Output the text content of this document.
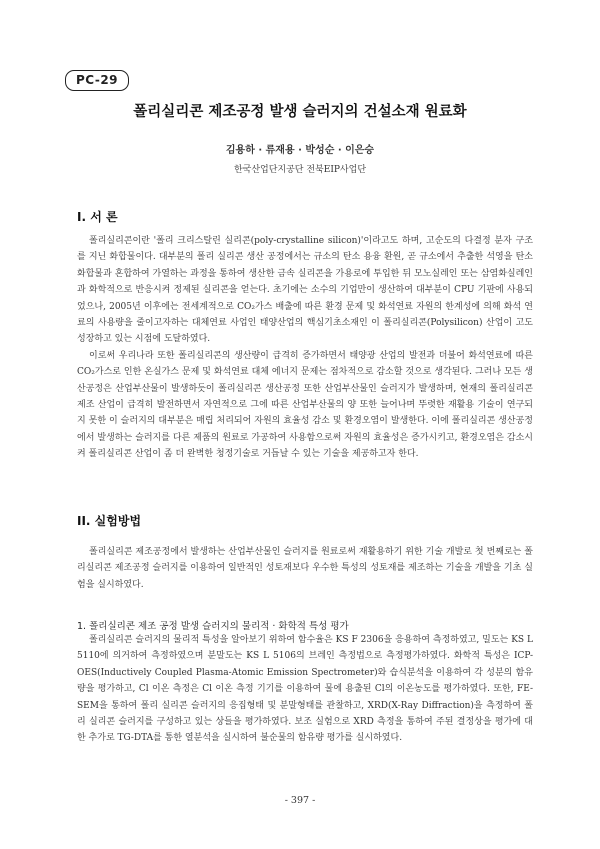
PC-29
폴리실리콘 제조공정 발생 슬러지의 건설소재 원료화
김용하 · 류재용 · 박성순 · 이은승
한국산업단지공단 전북EIP사업단
I. 서 론

폴리실리콘이란 '폴리 크리스탈린 실리콘(poly-crystalline silicon)'이라고도 하며, 고순도의 다결정 분자 구조를 지닌 화합물이다. 대부분의 폴리 실리콘 생산 공정에서는 규소의 탄소 용융 환원, 곧 규소에서 추출한 석영을 탄소 화합물과 혼합하여 가열하는 과정을 통하여 생산한 금속 실리콘을 가용로에 투입한 뒤 모노실레인 또는 삼염화실레인과 화학적으로 반응시켜 정제된 실리콘을 얻는다. 초기에는 소수의 기업만이 생산하여 대부분이 CPU 기판에 사용되었으나, 2005년 이후에는 전세계적으로 CO₂가스 배출에 따른 환경 문제 및 화석연료 자원의 한계성에 의해 화석 연료의 사용량을 줄이고자하는 대체연료 사업인 태양산업의 핵심기초소재인 이 폴리실리콘(Polysilicon) 산업이 고도 성장하고 있는 시점에 도달하였다.

이로써 우리나라 또한 폴리실리콘의 생산량이 급격히 증가하면서 태양광 산업의 발전과 더불어 화석연료에 따른 CO₂가스로 인한 온실가스 문제 및 화석연료 대체 에너지 문제는 점차적으로 감소할 것으로 생각된다. 그러나 모든 생산공정은 산업부산물이 발생하듯이 폴리실리콘 생산공정 또한 산업부산물인 슬러지가 발생하며, 현재의 폴리실리콘 제조 산업이 급격히 발전하면서 자연적으로 그에 따른 산업부산물의 양 또한 늘어나며 뚜렷한 재활용 기술이 연구되지 못한 이 슬러지의 대부분은 매립 처리되어 자원의 효율성 감소 및 환경오염이 발생한다. 이에 폴리실리콘 생산공정에서 발생하는 슬러지를 다른 제품의 원료로 가공하여 사용함으로써 자원의 효율성은 증가시키고, 환경오염은 감소시켜 폴리실리콘 산업이 좀 더 완벽한 청정기술로 거듭날 수 있는 기술을 제공하고자 한다.

II. 실험방법

폴리실리콘 제조공정에서 발생하는 산업부산물인 슬러지를 원료로써 재활용하기 위한 기술 개발로 첫 번째로는 폴리실리콘 제조공정 슬러지를 이용하여 일반적인 성토재보다 우수한 특성의 성토재를 제조하는 기술을 개발을 기초 실험을 실시하였다.

1. 폴리실리콘 제조 공정 발생 슬러지의 물리적 · 화학적 특성 평가

폴리실리콘 슬러지의 물리적 특성을 알아보기 위하여 함수율은 KS F 2306을 응용하여 측정하였고, 밀도는 KS L 5110에 의거하여 측정하였으며 분말도는 KS L 5106의 브레인 측정법으로 측정평가하였다. 화학적 특성은 ICP-OES(Inductively Coupled Plasma-Atomic Emission Spectrometer)와 습식분석을 이용하여 각 성분의 함유량을 평가하고, Cl 이온 측정은 Cl 이온 측정 기기를 이용하여 물에 용출된 Cl의 이온농도를 평가하였다. 또한, FE-SEM을 통하여 폴리 실리콘 슬러지의 응집형태 및 분말형태를 관찰하고, XRD(X-Ray Diffraction)을 측정하여 폴리 실리콘 슬러지를 구성하고 있는 상들을 평가하였다. 보조 실험으로 XRD 측정을 통하여 주된 결정상을 평가에 대한 추가로 TG-DTA를 통한 열분석을 실시하여 불순물의 함유량 평가를 실시하였다.

- 397 -
